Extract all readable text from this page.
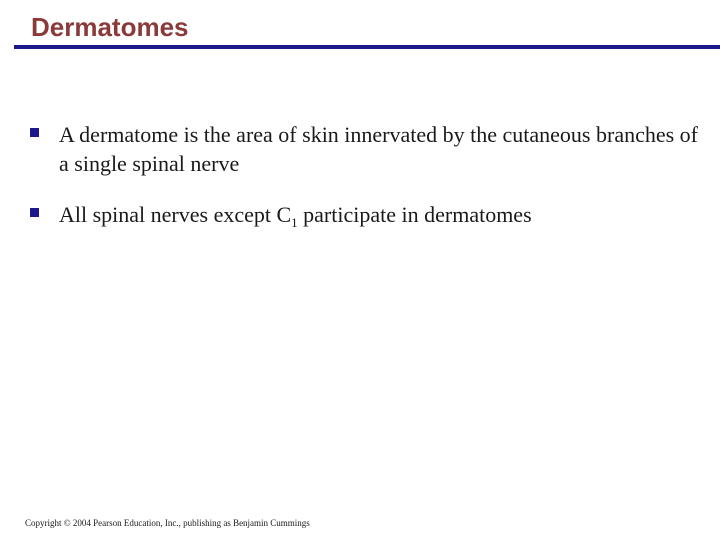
Dermatomes
A dermatome is the area of skin innervated by the cutaneous branches of a single spinal nerve
All spinal nerves except $C_1$ participate in dermatomes
Copyright © 2004 Pearson Education, Inc., publishing as Benjamin Cummings
